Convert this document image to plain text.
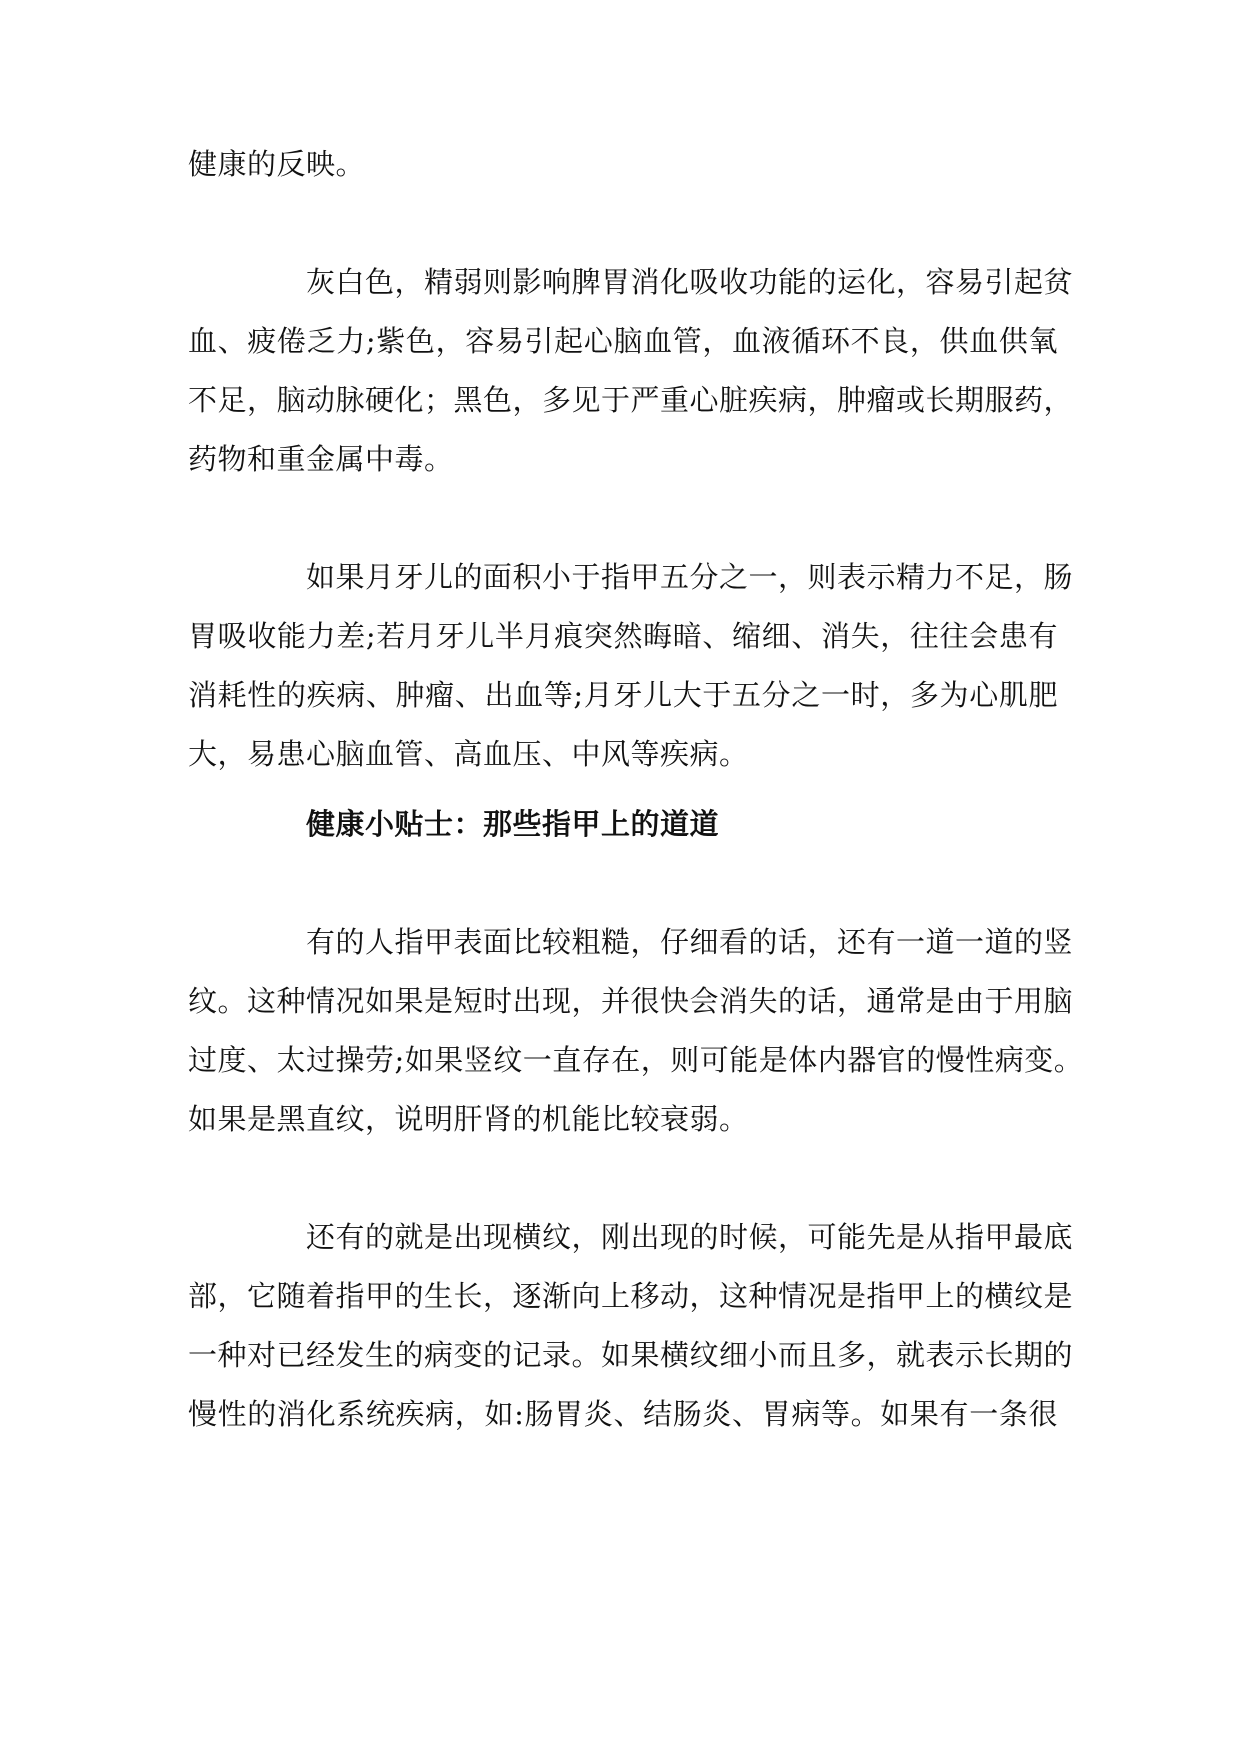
健康的反映。
灰白色，精弱则影响脾胃消化吸收功能的运化，容易引起贫
血、疲倦乏力;紫色，容易引起心脑血管，血液循环不良，供血供氧
不足，脑动脉硬化；黑色，多见于严重心脏疾病，肿瘤或长期服药，
药物和重金属中毒。
如果月牙儿的面积小于指甲五分之一，则表示精力不足，肠
胃吸收能力差;若月牙儿半月痕突然晦暗、缩细、消失，往往会患有
消耗性的疾病、肿瘤、出血等;月牙儿大于五分之一时，多为心肌肥
大，易患心脑血管、高血压、中风等疾病。
健康小贴士：那些指甲上的道道
有的人指甲表面比较粗糙，仔细看的话，还有一道一道的竖
纹。这种情况如果是短时出现，并很快会消失的话，通常是由于用脑
过度、太过操劳;如果竖纹一直存在，则可能是体内器官的慢性病变。
如果是黑直纹，说明肝肾的机能比较衰弱。
还有的就是出现横纹，刚出现的时候，可能先是从指甲最底
部，它随着指甲的生长，逐渐向上移动，这种情况是指甲上的横纹是
一种对已经发生的病变的记录。如果横纹细小而且多，就表示长期的
慢性的消化系统疾病，如:肠胃炎、结肠炎、胃病等。如果有一条很
